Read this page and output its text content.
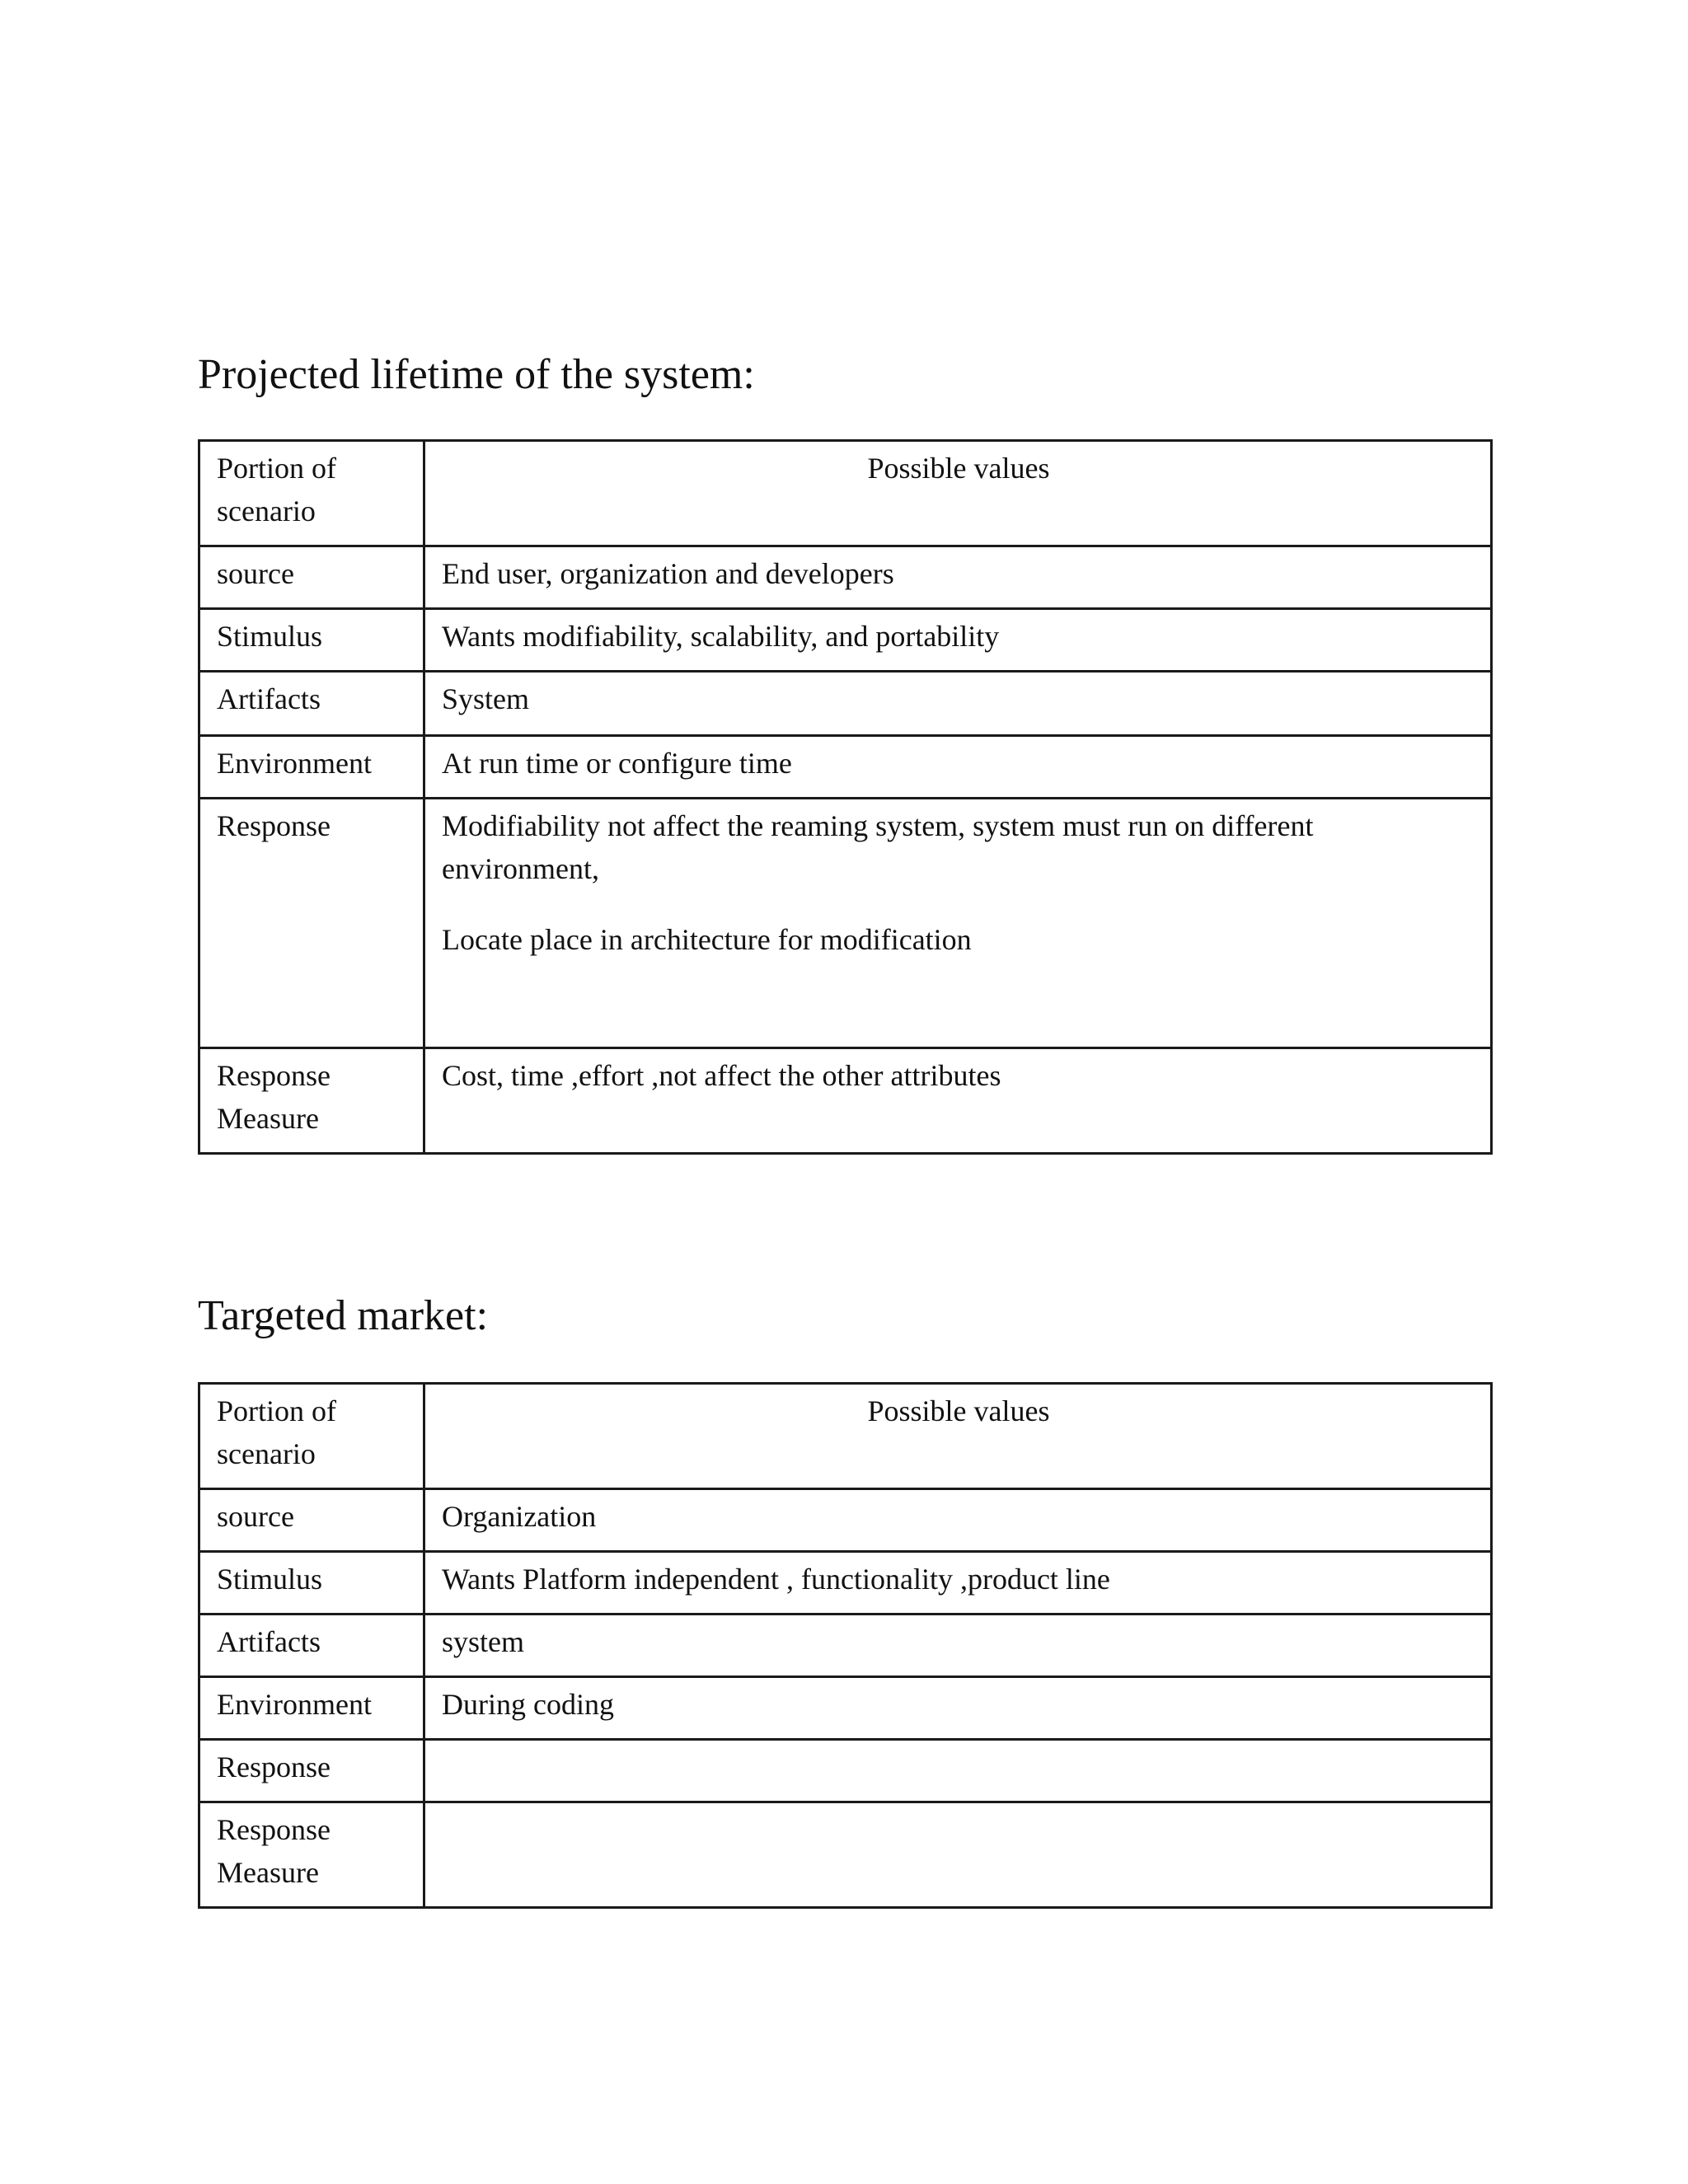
Projected lifetime of the system:
Portion of scenario	Possible values
source	End user, organization and developers
Stimulus	Wants modifiability, scalability, and portability
Artifacts	System
Environment	At run time or configure time
Response	Modifiability not affect the reaming system, system must run on different environment,
Locate place in architecture for modification

Response Measure	Cost, time ,effort ,not affect the other attributes
Targeted market:
Portion of scenario	Possible values
source	Organization
Stimulus	Wants Platform independent , functionality ,product line
Artifacts	system
Environment	During coding
Response	
Response Measure	
